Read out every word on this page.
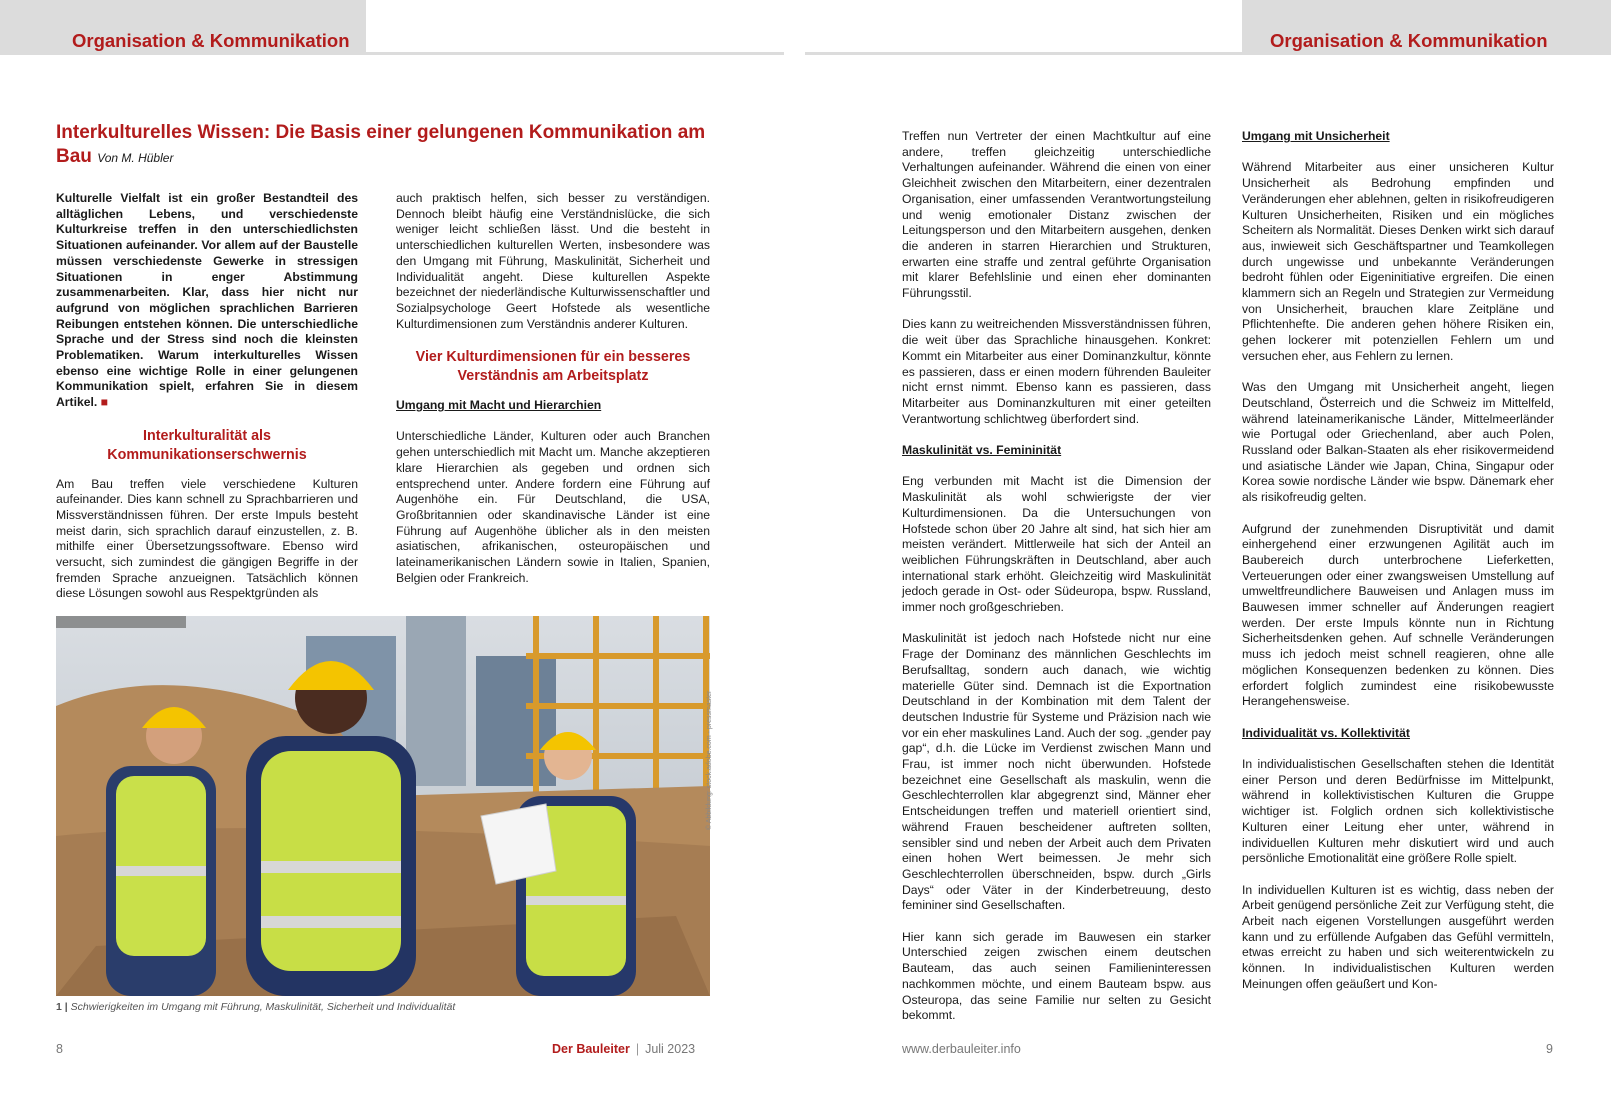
Organisation & Kommunikation
Interkulturelles Wissen: Die Basis einer gelungenen Kommunikation am Bau Von M. Hübler

Kulturelle Vielfalt ist ein großer Bestandteil des alltäglichen Lebens, und verschiedenste Kulturkreise treffen in den unterschiedlichsten Situationen aufeinander. Vor allem auf der Baustelle müssen verschiedenste Gewerke in stressigen Situationen in enger Abstimmung zusammenarbeiten. Klar, dass hier nicht nur aufgrund von möglichen sprachlichen Barrieren Reibungen entstehen können. Die unterschiedliche Sprache und der Stress sind noch die kleinsten Problematiken. Warum interkulturelles Wissen ebenso eine wichtige Rolle in einer gelungenen Kommunikation spielt, erfahren Sie in diesem Artikel. ■

Interkulturalität als Kommunikationserschwernis

Am Bau treffen viele verschiedene Kulturen aufeinander. Dies kann schnell zu Sprachbarrieren und Missverständnissen führen. Der erste Impuls besteht meist darin, sich sprachlich darauf einzustellen, z. B. mithilfe einer Übersetzungssoftware. Ebenso wird versucht, sich zumindest die gängigen Begriffe in der fremden Sprache anzueignen. Tatsächlich können diese Lösungen sowohl aus Respektgründen als

auch praktisch helfen, sich besser zu verständigen. Dennoch bleibt häufig eine Verständnislücke, die sich weniger leicht schließen lässt. Und die besteht in unterschiedlichen kulturellen Werten, insbesondere was den Umgang mit Führung, Maskulinität, Sicherheit und Individualität angeht. Diese kulturellen Aspekte bezeichnet der niederländische Kulturwissenschaftler und Sozialpsychologe Geert Hofstede als wesentliche Kulturdimensionen zum Verständnis anderer Kulturen.

Vier Kulturdimensionen für ein besseres Verständnis am Arbeitsplatz

Umgang mit Macht und Hierarchien

Unterschiedliche Länder, Kulturen oder auch Branchen gehen unterschiedlich mit Macht um. Manche akzeptieren klare Hierarchien als gegeben und ordnen sich entsprechend unter. Andere fordern eine Führung auf Augenhöhe ein. Für Deutschland, die USA, Großbritannien oder skandinavische Länder ist eine Führung auf Augenhöhe üblicher als in den meisten asiatischen, afrikanischen, osteuropäischen und lateinamerikanischen Ländern sowie in Italien, Spanien, Belgien oder Frankreich.

© Abbildung: stock.adobe.com - pressmaster
1 | Schwierigkeiten im Umgang mit Führung, Maskulinität, Sicherheit und Individualität
8	Der Bauleiter | Juli 2023
Organisation & Kommunikation

Treffen nun Vertreter der einen Machtkultur auf eine andere, treffen gleichzeitig unterschiedliche Verhaltungen aufeinander. Während die einen von einer Gleichheit zwischen den Mitarbeitern, einer dezentralen Organisation, einer umfassenden Verantwortungsteilung und wenig emotionaler Distanz zwischen der Leitungsperson und den Mitarbeitern ausgehen, denken die anderen in starren Hierarchien und Strukturen, erwarten eine straffe und zentral geführte Organisation mit klarer Befehlslinie und einen eher dominanten Führungsstil.

Dies kann zu weitreichenden Missverständnissen führen, die weit über das Sprachliche hinausgehen. Konkret: Kommt ein Mitarbeiter aus einer Dominanzkultur, könnte es passieren, dass er einen modern führenden Bauleiter nicht ernst nimmt. Ebenso kann es passieren, dass Mitarbeiter aus Dominanzkulturen mit einer geteilten Verantwortung schlichtweg überfordert sind.

Maskulinität vs. Femininität

Eng verbunden mit Macht ist die Dimension der Maskulinität als wohl schwierigste der vier Kulturdimensionen. Da die Untersuchungen von Hofstede schon über 20 Jahre alt sind, hat sich hier am meisten verändert. Mittlerweile hat sich der Anteil an weiblichen Führungskräften in Deutschland, aber auch international stark erhöht. Gleichzeitig wird Maskulinität jedoch gerade in Ost- oder Südeuropa, bspw. Russland, immer noch großgeschrieben.

Maskulinität ist jedoch nach Hofstede nicht nur eine Frage der Dominanz des männlichen Geschlechts im Berufsalltag, sondern auch danach, wie wichtig materielle Güter sind. Demnach ist die Exportnation Deutschland in der Kombination mit dem Talent der deutschen Industrie für Systeme und Präzision nach wie vor ein eher maskulines Land. Auch der sog. „gender pay gap“, d.h. die Lücke im Verdienst zwischen Mann und Frau, ist immer noch nicht überwunden. Hofstede bezeichnet eine Gesellschaft als maskulin, wenn die Geschlechterrollen klar abgegrenzt sind, Männer eher Entscheidungen treffen und materiell orientiert sind, während Frauen bescheidener auftreten sollten, sensibler sind und neben der Arbeit auch dem Privaten einen hohen Wert beimessen. Je mehr sich Geschlechterrollen überschneiden, bspw. durch „Girls Days“ oder Väter in der Kinderbetreuung, desto femininer sind Gesellschaften.

Hier kann sich gerade im Bauwesen ein starker Unterschied zeigen zwischen einem deutschen Bauteam, das auch seinen Familieninteressen nachkommen möchte, und einem Bauteam bspw. aus Osteuropa, das seine Familie nur selten zu Gesicht bekommt.

Umgang mit Unsicherheit

Während Mitarbeiter aus einer unsicheren Kultur Unsicherheit als Bedrohung empfinden und Veränderungen eher ablehnen, gelten in risikofreudigeren Kulturen Unsicherheiten, Risiken und ein mögliches Scheitern als Normalität. Dieses Denken wirkt sich darauf aus, inwieweit sich Geschäftspartner und Teamkollegen durch ungewisse und unbekannte Veränderungen bedroht fühlen oder Eigeninitiative ergreifen. Die einen klammern sich an Regeln und Strategien zur Vermeidung von Unsicherheit, brauchen klare Zeitpläne und Pflichtenhefte. Die anderen gehen höhere Risiken ein, gehen lockerer mit potenziellen Fehlern um und versuchen eher, aus Fehlern zu lernen.

Was den Umgang mit Unsicherheit angeht, liegen Deutschland, Österreich und die Schweiz im Mittelfeld, während lateinamerikanische Länder, Mittelmeerländer wie Portugal oder Griechenland, aber auch Polen, Russland oder Balkan-Staaten als eher risikovermeidend und asiatische Länder wie Japan, China, Singapur oder Korea sowie nordische Länder wie bspw. Dänemark eher als risikofreudig gelten.

Aufgrund der zunehmenden Disruptivität und damit einhergehend einer erzwungenen Agilität auch im Baubereich durch unterbrochene Lieferketten, Verteuerungen oder einer zwangsweisen Umstellung auf umweltfreundlichere Bauweisen und Anlagen muss im Bauwesen immer schneller auf Änderungen reagiert werden. Der erste Impuls könnte nun in Richtung Sicherheitsdenken gehen. Auf schnelle Veränderungen muss ich jedoch meist schnell reagieren, ohne alle möglichen Konsequenzen bedenken zu können. Dies erfordert folglich zumindest eine risikobewusste Herangehensweise.

Individualität vs. Kollektivität

In individualistischen Gesellschaften stehen die Identität einer Person und deren Bedürfnisse im Mittelpunkt, während in kollektivistischen Kulturen die Gruppe wichtiger ist. Folglich ordnen sich kollektivistische Kulturen einer Leitung eher unter, während in individuellen Kulturen mehr diskutiert wird und auch persönliche Emotionalität eine größere Rolle spielt.

In individuellen Kulturen ist es wichtig, dass neben der Arbeit genügend persönliche Zeit zur Verfügung steht, die Arbeit nach eigenen Vorstellungen ausgeführt werden kann und zu erfüllende Aufgaben das Gefühl vermitteln, etwas erreicht zu haben und sich weiterentwickeln zu können. In individualistischen Kulturen werden Meinungen offen geäußert und Kon-

www.derbauleiter.info	9
